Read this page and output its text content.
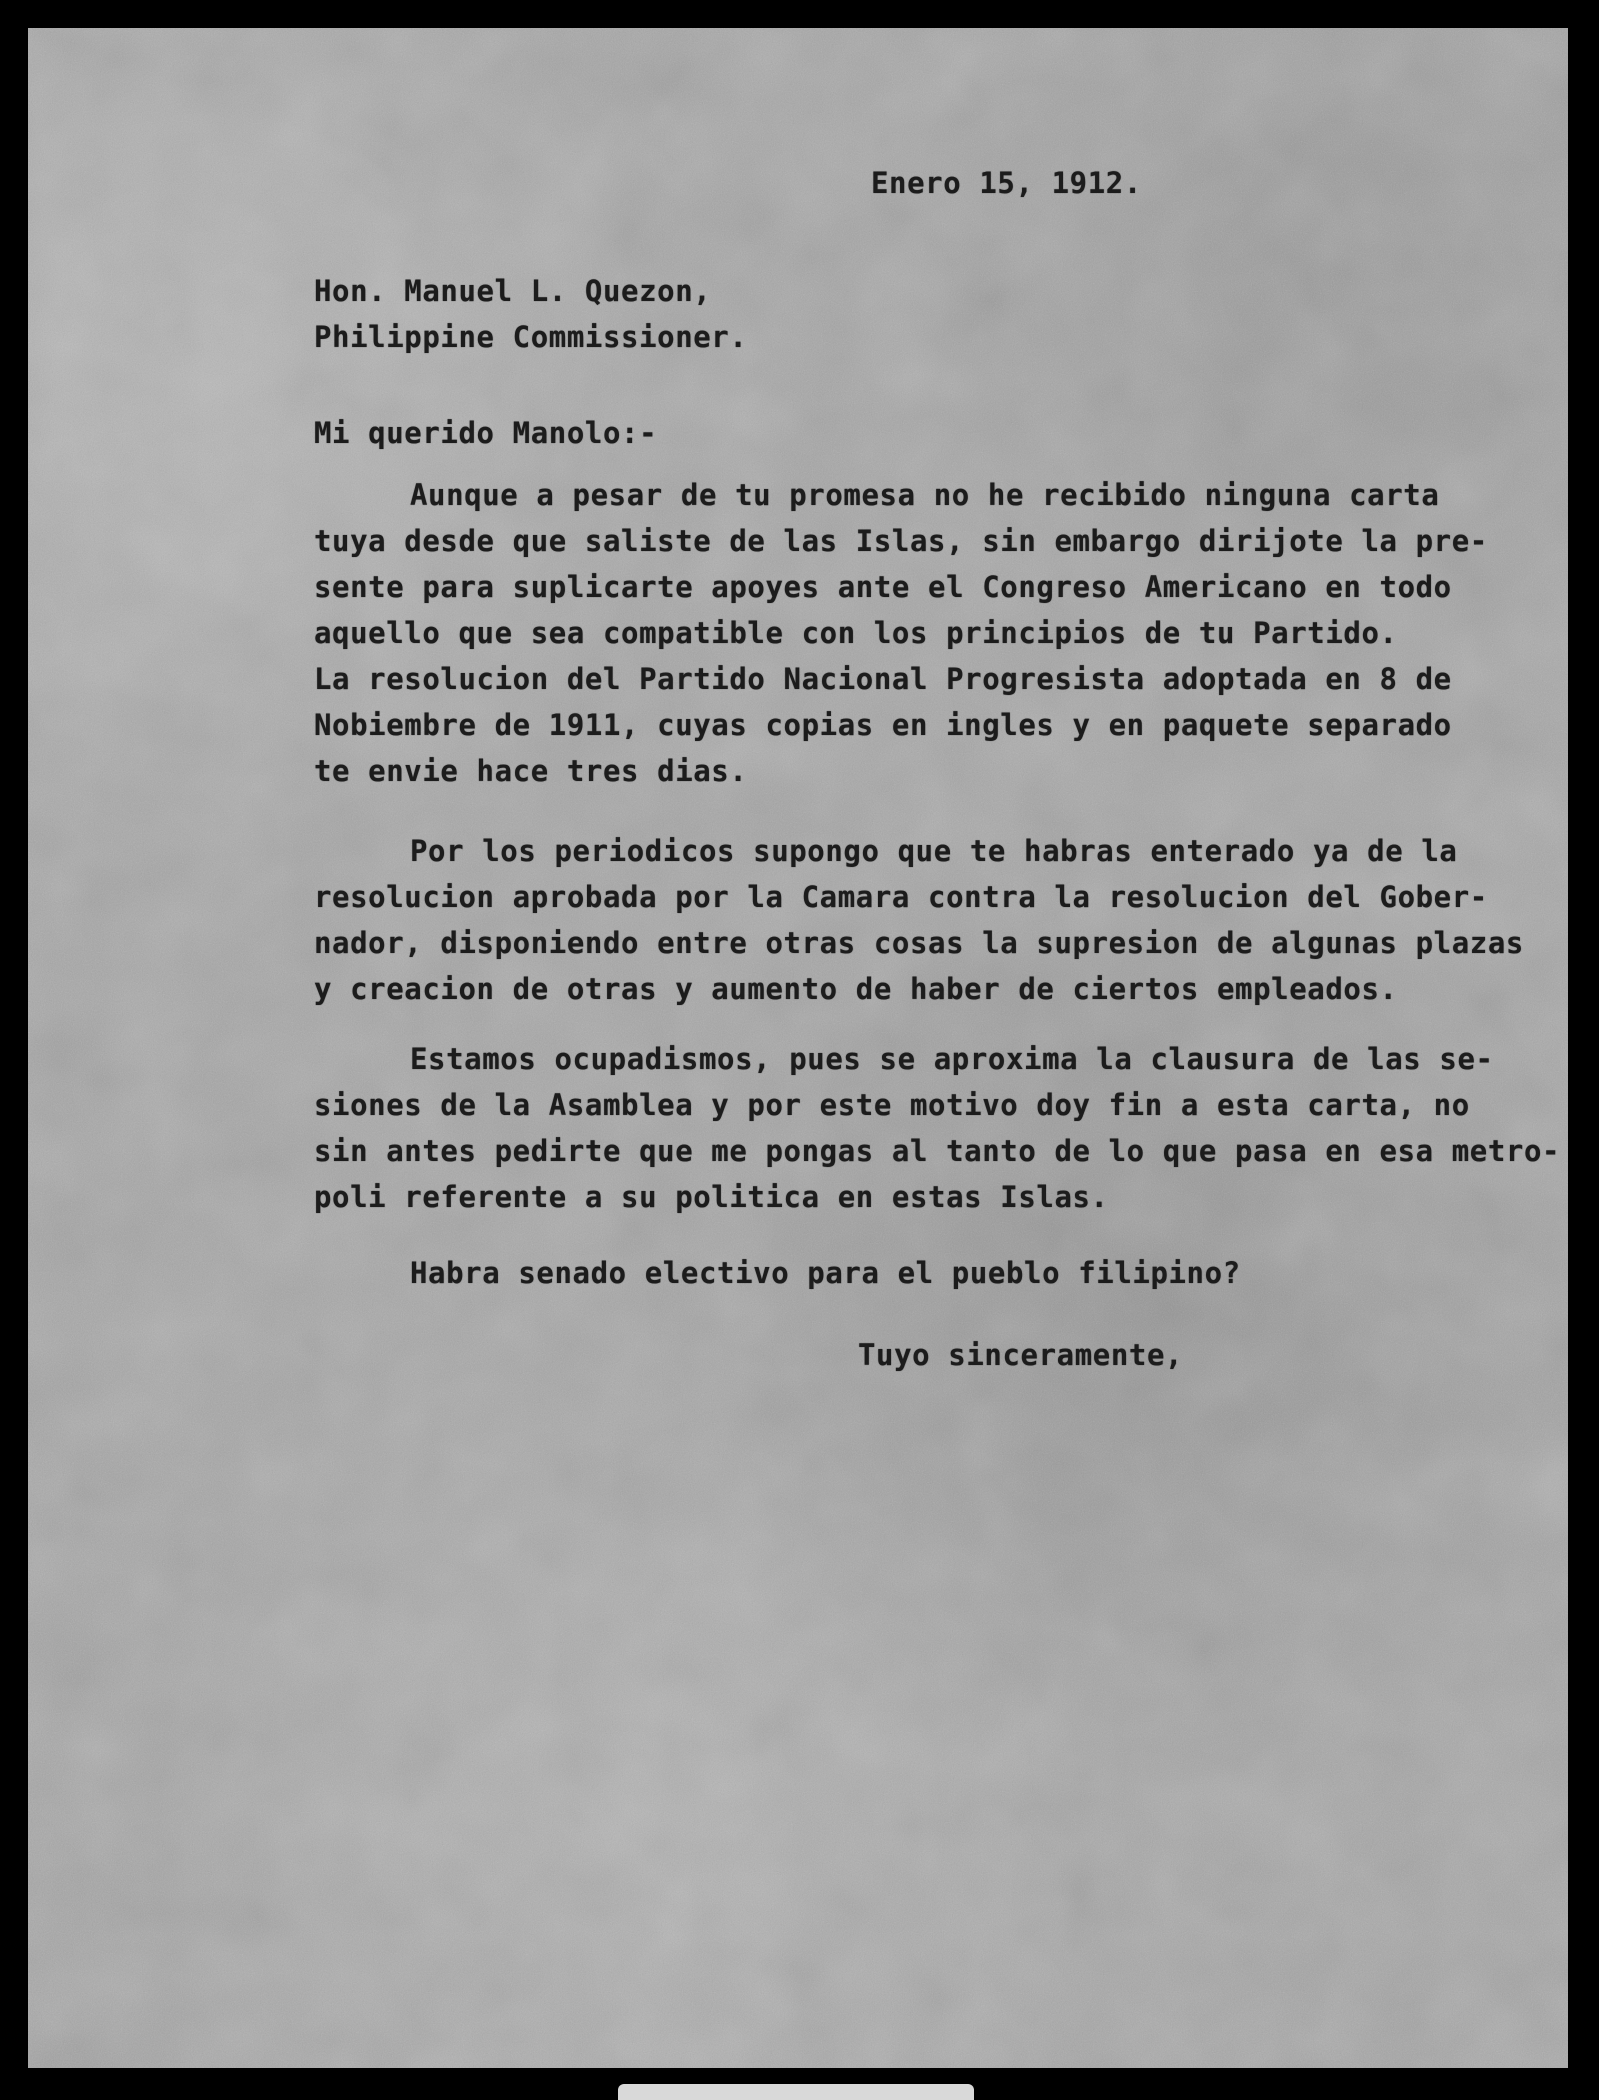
Enero 15, 1912.

Hon. Manuel L. Quezon,

Philippine Commissioner.

Mi querido Manolo:-

Aunque a pesar de tu promesa no he recibido ninguna carta

tuya desde que saliste de las Islas, sin embargo dirijote la pre-

sente para suplicarte apoyes ante el Congreso Americano en todo

aquello que sea compatible con los principios de tu Partido.

La resolucion del Partido Nacional Progresista adoptada en 8 de

Nobiembre de 1911, cuyas copias en ingles y en paquete separado

te envie hace tres dias.

Por los periodicos supongo que te habras enterado ya de la

resolucion aprobada por la Camara contra la resolucion del Gober-

nador, disponiendo entre otras cosas la supresion de algunas plazas

y creacion de otras y aumento de haber de ciertos empleados.

Estamos ocupadismos, pues se aproxima la clausura de las se-

siones de la Asamblea y por este motivo doy fin a esta carta, no

sin antes pedirte que me pongas al tanto de lo que pasa en esa metro-

poli referente a su politica en estas Islas.

Habra senado electivo para el pueblo filipino?

Tuyo sinceramente,
